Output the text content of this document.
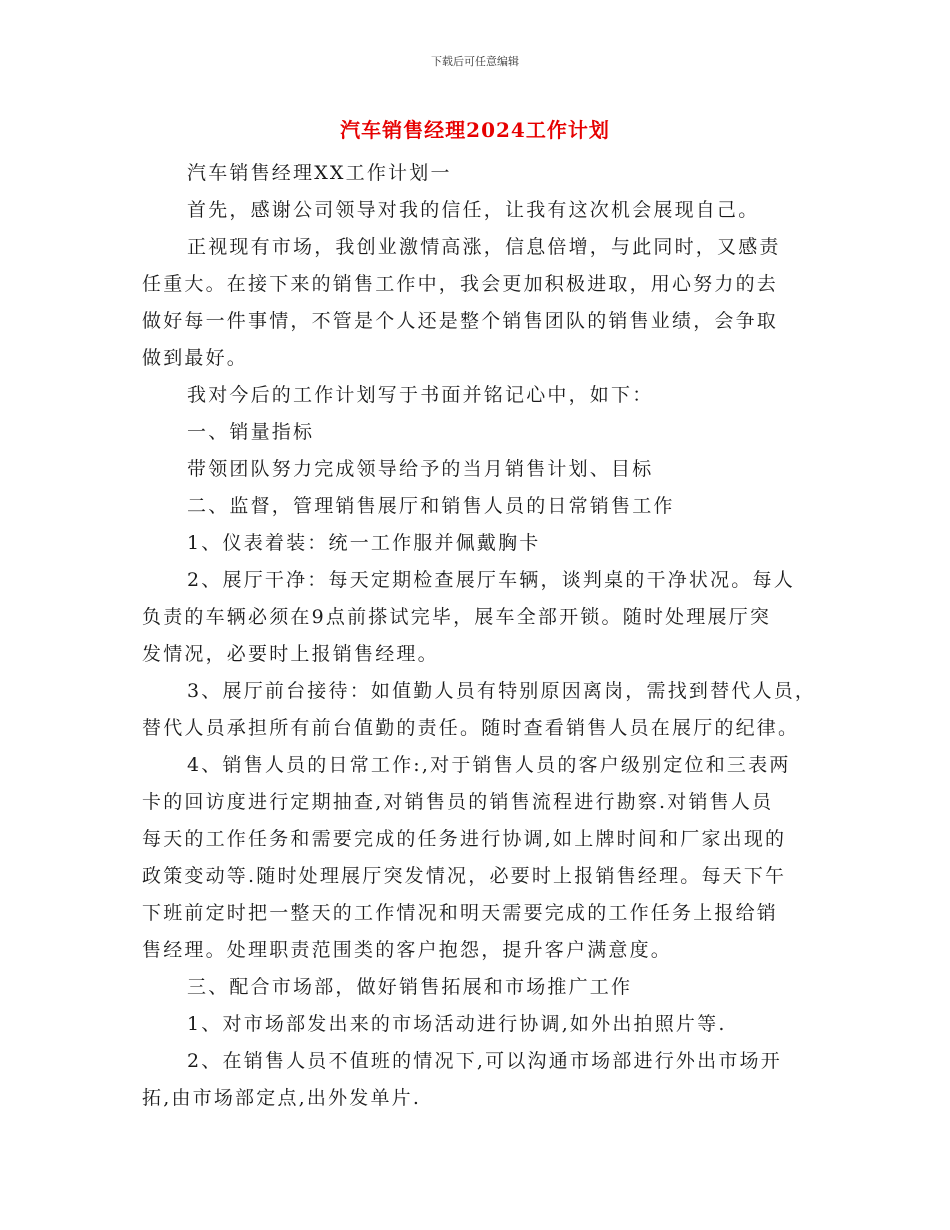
下载后可任意编辑
汽车销售经理2024工作计划
汽车销售经理XX工作计划一
首先，感谢公司领导对我的信任，让我有这次机会展现自己。
正视现有市场，我创业激情高涨，信息倍增，与此同时，又感责
任重大。在接下来的销售工作中，我会更加积极进取，用心努力的去
做好每一件事情，不管是个人还是整个销售团队的销售业绩，会争取
做到最好。
我对今后的工作计划写于书面并铭记心中，如下：
一、销量指标
带领团队努力完成领导给予的当月销售计划、目标
二、监督，管理销售展厅和销售人员的日常销售工作
1、仪表着装：统一工作服并佩戴胸卡
2、展厅干净：每天定期检查展厅车辆，谈判桌的干净状况。每人
负责的车辆必须在9点前搽试完毕，展车全部开锁。随时处理展厅突
发情况，必要时上报销售经理。
3、展厅前台接待：如值勤人员有特别原因离岗，需找到替代人员，
替代人员承担所有前台值勤的责任。随时查看销售人员在展厅的纪律。
4、销售人员的日常工作:,对于销售人员的客户级别定位和三表两
卡的回访度进行定期抽查,对销售员的销售流程进行勘察.对销售人员
每天的工作任务和需要完成的任务进行协调,如上牌时间和厂家出现的
政策变动等.随时处理展厅突发情况，必要时上报销售经理。每天下午
下班前定时把一整天的工作情况和明天需要完成的工作任务上报给销
售经理。处理职责范围类的客户抱怨，提升客户满意度。
三、配合市场部，做好销售拓展和市场推广工作
1、对市场部发出来的市场活动进行协调,如外出拍照片等.
2、在销售人员不值班的情况下,可以沟通市场部进行外出市场开
拓,由市场部定点,出外发单片.
